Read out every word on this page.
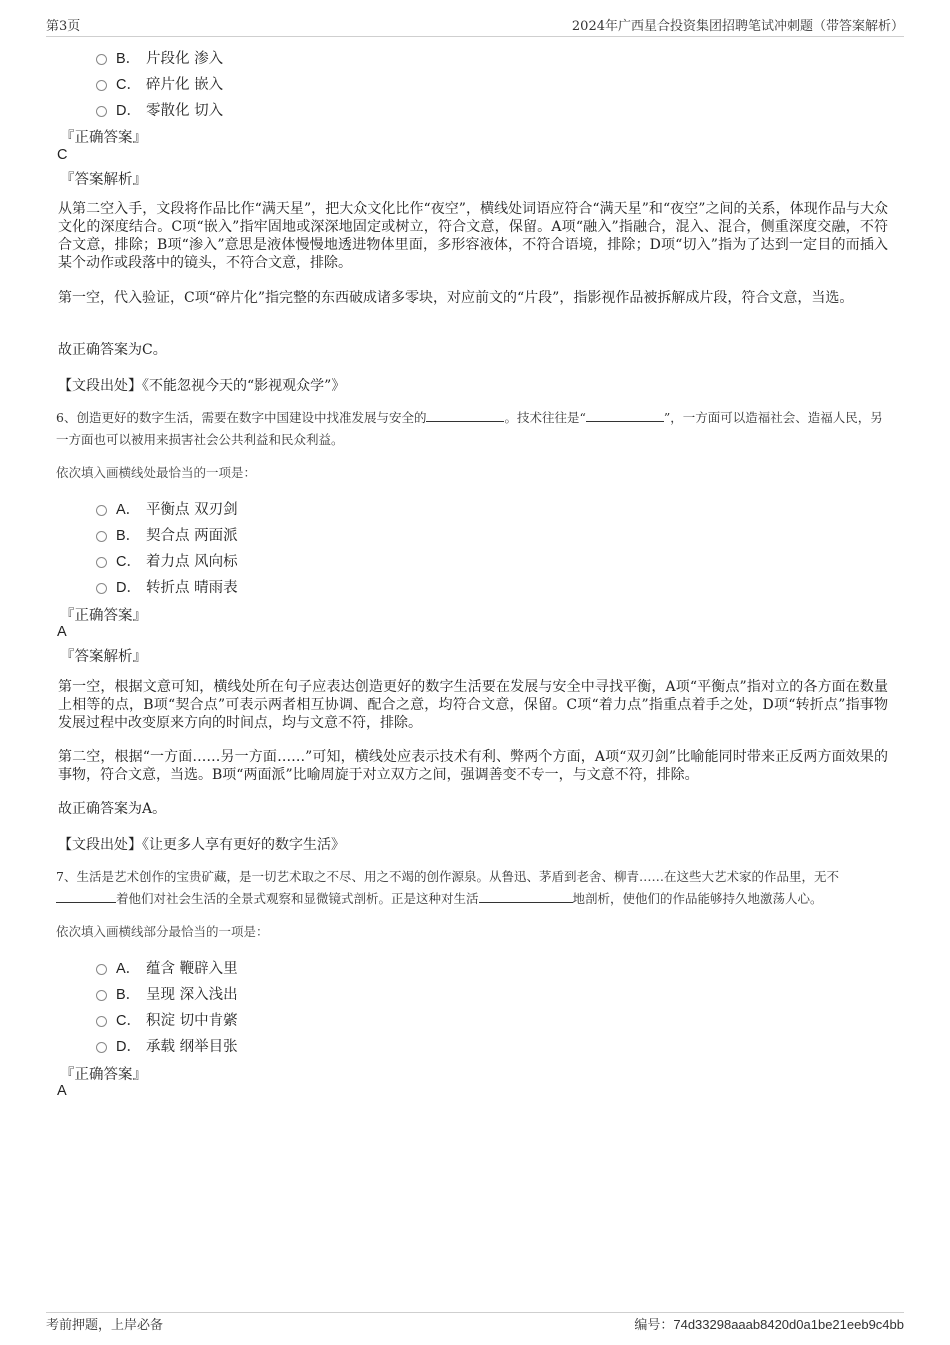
第3页	2024年广西星合投资集团招聘笔试冲刺题（带答案解析）
B． 片段化 渗入
C． 碎片化 嵌入
D． 零散化 切入
『正确答案』
C
『答案解析』
从第二空入手，文段将作品比作“满天星”，把大众文化比作“夜空”，横线处词语应符合“满天星”和“夜空”之间的关系，体现作品与大众文化的深度结合。C项“嵌入”指牢固地或深深地固定或树立，符合文意，保留。A项“融入”指融合，混入、混合，侧重深度交融，不符合文意，排除；B项“渗入”意思是液体慢慢地透进物体里面，多形容液体，不符合语境，排除；D项“切入”指为了达到一定目的而插入某个动作或段落中的镜头，不符合文意，排除。
第一空，代入验证，C项“碎片化”指完整的东西破成诸多零块，对应前文的“片段”，指影视作品被拆解成片段，符合文意，当选。
故正确答案为C。
【文段出处】《不能忽视今天的“影视观众学”》
6、创造更好的数字生活，需要在数字中国建设中找准发展与安全的	。技术往往是“	”，一方面可以造福社会、造福人民，另一方面也可以被用来损害社会公共利益和民众利益。
依次填入画横线处最恰当的一项是：
A． 平衡点 双刃剑
B． 契合点 两面派
C． 着力点 风向标
D． 转折点 晴雨表
『正确答案』
A
『答案解析』
第一空，根据文意可知，横线处所在句子应表达创造更好的数字生活要在发展与安全中寻找平衡，A项“平衡点”指对立的各方面在数量上相等的点，B项“契合点”可表示两者相互协调、配合之意，均符合文意，保留。C项“着力点”指重点着手之处，D项“转折点”指事物发展过程中改变原来方向的时间点，均与文意不符，排除。
第二空，根据“一方面……另一方面……”可知，横线处应表示技术有利、弊两个方面，A项“双刃剑”比喻能同时带来正反两方面效果的事物，符合文意，当选。B项“两面派”比喻周旋于对立双方之间，强调善变不专一，与文意不符，排除。
故正确答案为A。
【文段出处】《让更多人享有更好的数字生活》
7、生活是艺术创作的宝贵矿藏，是一切艺术取之不尽、用之不竭的创作源泉。从鲁迅、茅盾到老舍、柳青……在这些大艺术家的作品里，无不着他们对社会生活的全景式观察和显微镜式剖析。正是这种对生活	地剖析，使他们的作品能够持久地激荡人心。
依次填入画横线部分最恰当的一项是：
A． 蕴含 鞭辟入里
B． 呈现 深入浅出
C． 积淀 切中肯綮
D． 承载 纲举目张
『正确答案』
A
考前押题，上岸必备	编号：74d33298aaab8420d0a1be21eeb9c4bb
